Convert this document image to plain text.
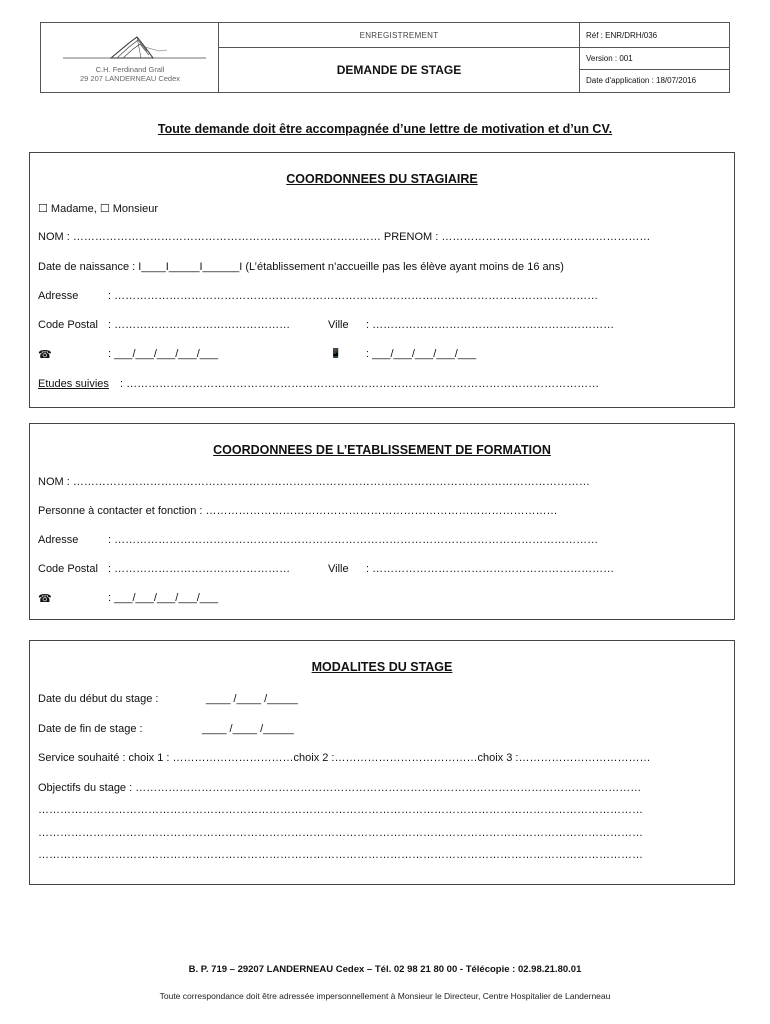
C.H. Ferdinand Grall
29 207 LANDERNEAU Cedex
ENREGISTREMENT
DEMANDE DE STAGE
Réf : ENR/DRH/036
Version : 001
Date d'application : 18/07/2016
Toute demande doit être accompagnée d’une lettre de motivation et d’un CV.
COORDONNEES DU STAGIAIRE
☐ Madame, ☐ Monsieur
NOM : ………………………………………………………………………… PRENOM : …………………………………………………
Date de naissance : I____I_____I______I (L’établissement n’accueille pas les élève ayant moins de 16 ans)
Adresse	: ……………………………………………………………………………………………………………………
Code Postal : …………………………………………	Ville : …………………………………………………………
☎	: ___/___/___/___/___	📱 : ___/___/___/___/___
Etudes suivies : …………………………………………………………………………………………………………………
COORDONNEES DE L’ETABLISSEMENT DE FORMATION
NOM : ……………………………………………………………………………………………………………………………
Personne à contacter et fonction : ……………………………………………………………………………………
Adresse	: ……………………………………………………………………………………………………………………
Code Postal : …………………………………………	Ville : …………………………………………………………
☎	: ___/___/___/___/___
MODALITES DU STAGE
Date du début du stage :	____ /____ /_____
Date de fin de stage :	____ /____ /_____
Service souhaité : choix 1 : ……………………………choix 2 :…………………………………choix 3 :………………………………
Objectifs du stage : …………………………………………………………………………………………………………………………
…………………………………………………………………………………………………………………………………………………
…………………………………………………………………………………………………………………………………………………
…………………………………………………………………………………………………………………………………………………
B. P. 719 – 29207 LANDERNEAU Cedex – Tél. 02 98 21 80 00 - Télécopie : 02.98.21.80.01
Toute correspondance doit être adressée impersonnellement à Monsieur le Directeur, Centre Hospitalier de Landerneau
